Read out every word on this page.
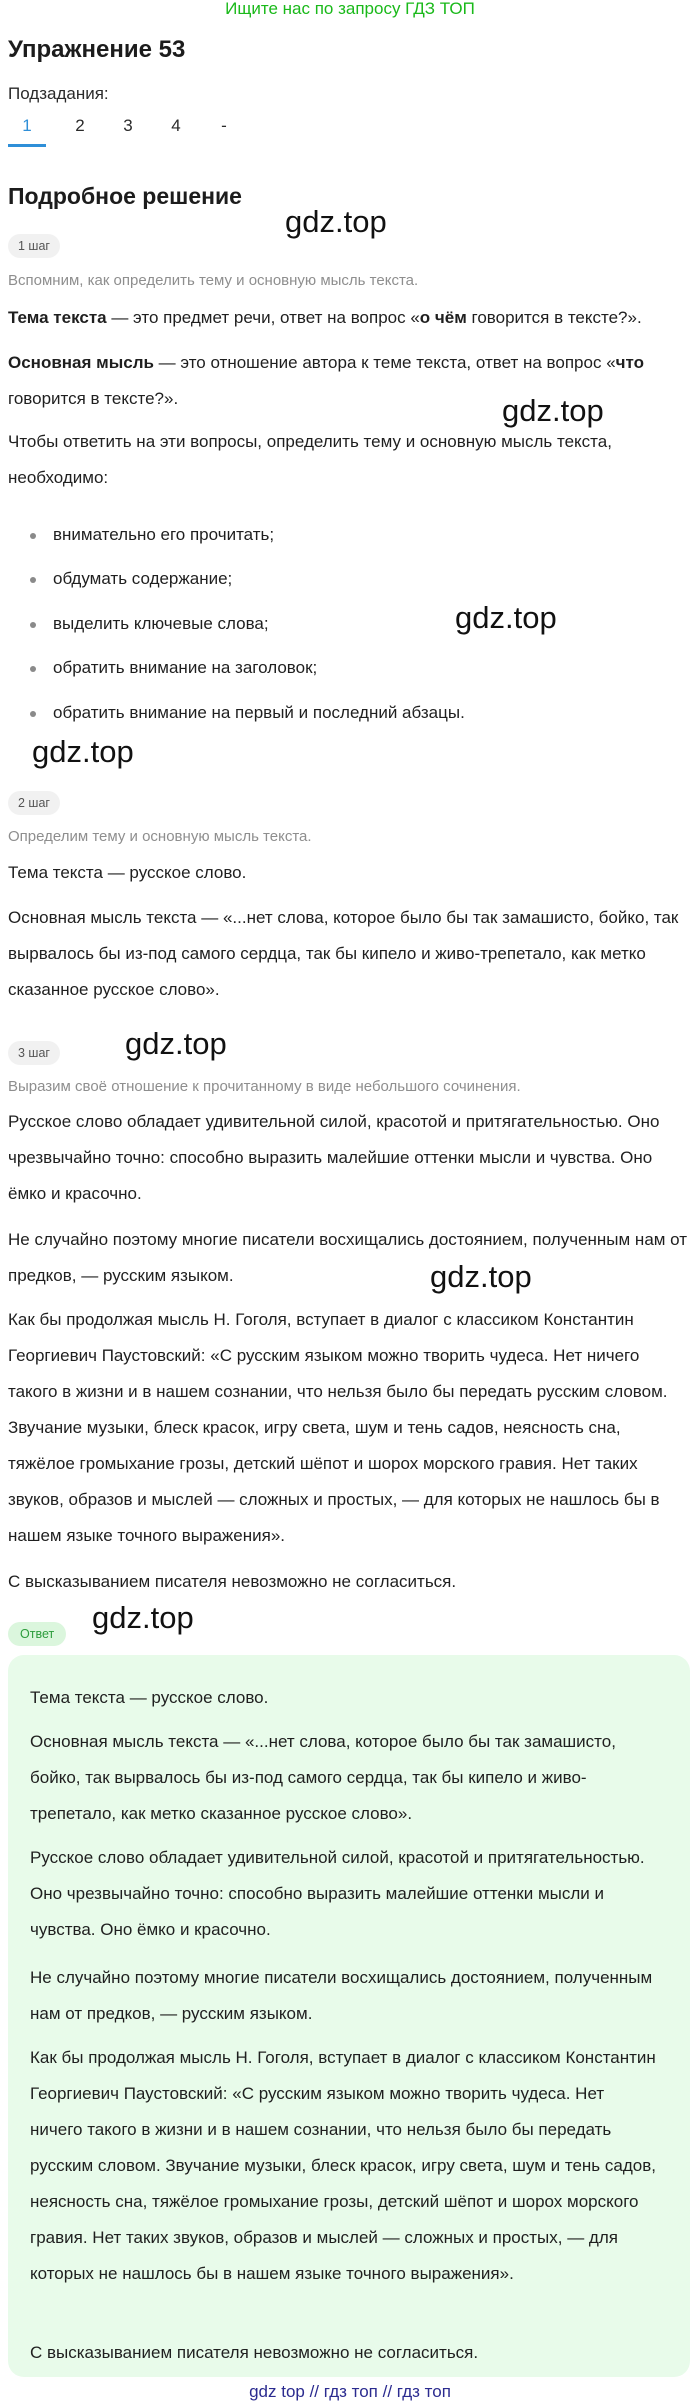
Ищите нас по запросу ГДЗ ТОП
Упражнение 53
Подзадания:
1	2	3	4	-
Подробное решение
gdz.top
gdz.top
gdz.top
gdz.top
gdz.top
gdz.top
gdz.top
1 шаг
Вспомним, как определить тему и основную мысль текста.
Тема текста — это предмет речи, ответ на вопрос «о чём говорится в тексте?».
Основная мысль — это отношение автора к теме текста, ответ на вопрос «что говорится в тексте?».
Чтобы ответить на эти вопросы, определить тему и основную мысль текста, необходимо:
внимательно его прочитать;
обдумать содержание;
выделить ключевые слова;
обратить внимание на заголовок;
обратить внимание на первый и последний абзацы.
2 шаг
Определим тему и основную мысль текста.
Тема текста — русское слово.
Основная мысль текста — «...нет слова, которое было бы так замашисто, бойко, так вырвалось бы из-под самого сердца, так бы кипело и живо-трепетало, как метко сказанное русское слово».
3 шаг
Выразим своё отношение к прочитанному в виде небольшого сочинения.
Русское слово обладает удивительной силой, красотой и притягательностью. Оно чрезвычайно точно: способно выразить малейшие оттенки мысли и чувства. Оно ёмко и красочно.
Не случайно поэтому многие писатели восхищались достоянием, полученным нам от предков, — русским языком.
Как бы продолжая мысль Н. Гоголя, вступает в диалог с классиком Константин Георгиевич Паустовский: «С русским языком можно творить чудеса. Нет ничего такого в жизни и в нашем сознании, что нельзя было бы передать русским словом. Звучание музыки, блеск красок, игру света, шум и тень садов, неясность сна, тяжёлое громыхание грозы, детский шёпот и шорох морского гравия. Нет таких звуков, образов и мыслей — сложных и простых, — для которых не нашлось бы в нашем языке точного выражения».
С высказыванием писателя невозможно не согласиться.
Ответ
Тема текста — русское слово.
Основная мысль текста — «...нет слова, которое было бы так замашисто, бойко, так вырвалось бы из-под самого сердца, так бы кипело и живо-трепетало, как метко сказанное русское слово».
Русское слово обладает удивительной силой, красотой и притягательностью. Оно чрезвычайно точно: способно выразить малейшие оттенки мысли и чувства. Оно ёмко и красочно.
Не случайно поэтому многие писатели восхищались достоянием, полученным нам от предков, — русским языком.
Как бы продолжая мысль Н. Гоголя, вступает в диалог с классиком Константин Георгиевич Паустовский: «С русским языком можно творить чудеса. Нет ничего такого в жизни и в нашем сознании, что нельзя было бы передать русским словом. Звучание музыки, блеск красок, игру света, шум и тень садов, неясность сна, тяжёлое громыхание грозы, детский шёпот и шорох морского гравия. Нет таких звуков, образов и мыслей — сложных и простых, — для которых не нашлось бы в нашем языке точного выражения».
С высказыванием писателя невозможно не согласиться.
gdz top // гдз топ // гдз топ
